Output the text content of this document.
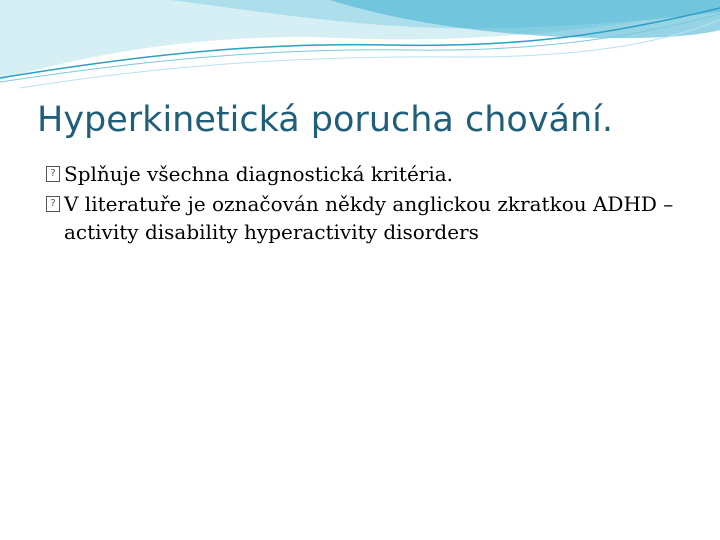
Hyperkinetická porucha chování.
? Splňuje všechna diagnostická kritéria.
? V literatuře je označován někdy anglickou zkratkou ADHD – activity disability hyperactivity disorders
